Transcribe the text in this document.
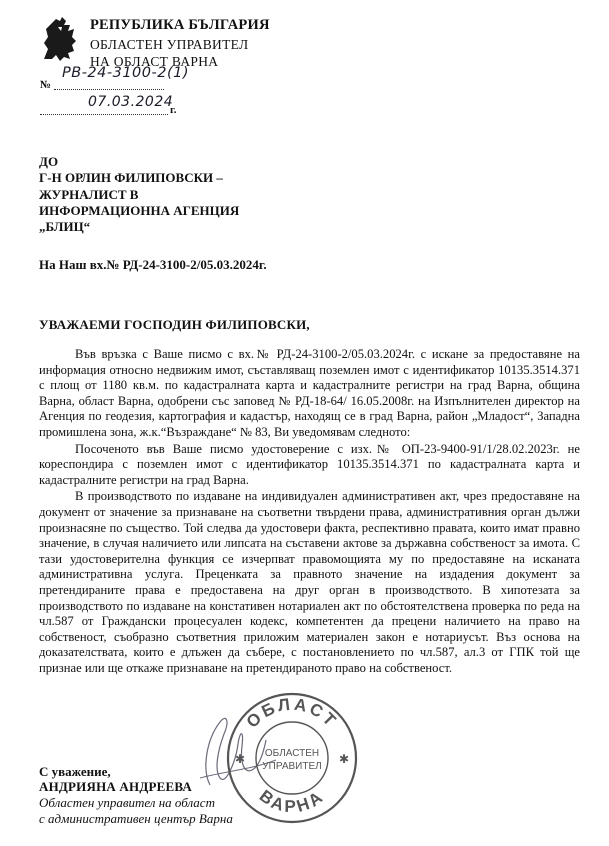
РЕПУБЛИКА БЪЛГАРИЯ
ОБЛАСТЕН УПРАВИТЕЛ
НА ОБЛАСТ ВАРНА
№
РВ-24-3100-2(1)
07.03.2024
г.
ДО
Г-Н ОРЛИН ФИЛИПОВСКИ –
ЖУРНАЛИСТ В
ИНФОРМАЦИОННА АГЕНЦИЯ
„БЛИЦ“
На Наш вх.№ РД-24-3100-2/05.03.2024г.
УВАЖАЕМИ ГОСПОДИН ФИЛИПОВСКИ,

Във връзка с Ваше писмо с вх.№ РД-24-3100-2/05.03.2024г. с искане за предоставяне на информация относно недвижим имот, съставляващ поземлен имот с идентификатор 10135.3514.371 с площ от 1180 кв.м. по кадастралната карта и кадастралните регистри на град Варна, община Варна, област Варна, одобрени със заповед № РД-18-64/ 16.05.2008г. на Изпълнителен директор на Агенция по геодезия, картография и кадастър, находящ се в град Варна, район „Младост“, Западна промишлена зона, ж.к.“Възраждане“ № 83, Ви уведомявам следното:

Посоченото във Ваше писмо удостоверение с изх.№ ОП-23-9400-91/1/28.02.2023г. не кореспондира с поземлен имот с идентификатор 10135.3514.371 по кадастралната карта и кадастралните регистри на град Варна.

В производството по издаване на индивидуален административен акт, чрез предоставяне на документ от значение за признаване на съответни твърдени права, административния орган дължи произнасяне по същество. Той следва да удостовери факта, респективно правата, които имат правно значение, в случая наличието или липсата на съставени актове за държавна собственост за имота. С тази удостоверителна функция се изчерпват правомощията му по предоставяне на исканата административна услуга. Преценката за правното значение на издадения документ за претендираните права е предоставена на друг орган в производството. В хипотезата за производството по издаване на констативен нотариален акт по обстоятелствена проверка по реда на чл.587 от Граждански процесуален кодекс, компетентен да прецени наличието на право на собственост, съобразно съответния приложим материален закон е нотариусът. Въз основа на доказателствата, които е длъжен да събере, с постановлението по чл.587, ал.3 от ГПК той ще признае или ще откаже признаване на претендираното право на собственост.

С уважение,
АНДРИЯНА АНДРЕЕВА
Областен управител на област
с административен център Варна
ОБЛАСТ
ВАРНА
✱	✱
ОБЛАСТЕН
УПРАВИТЕЛ
